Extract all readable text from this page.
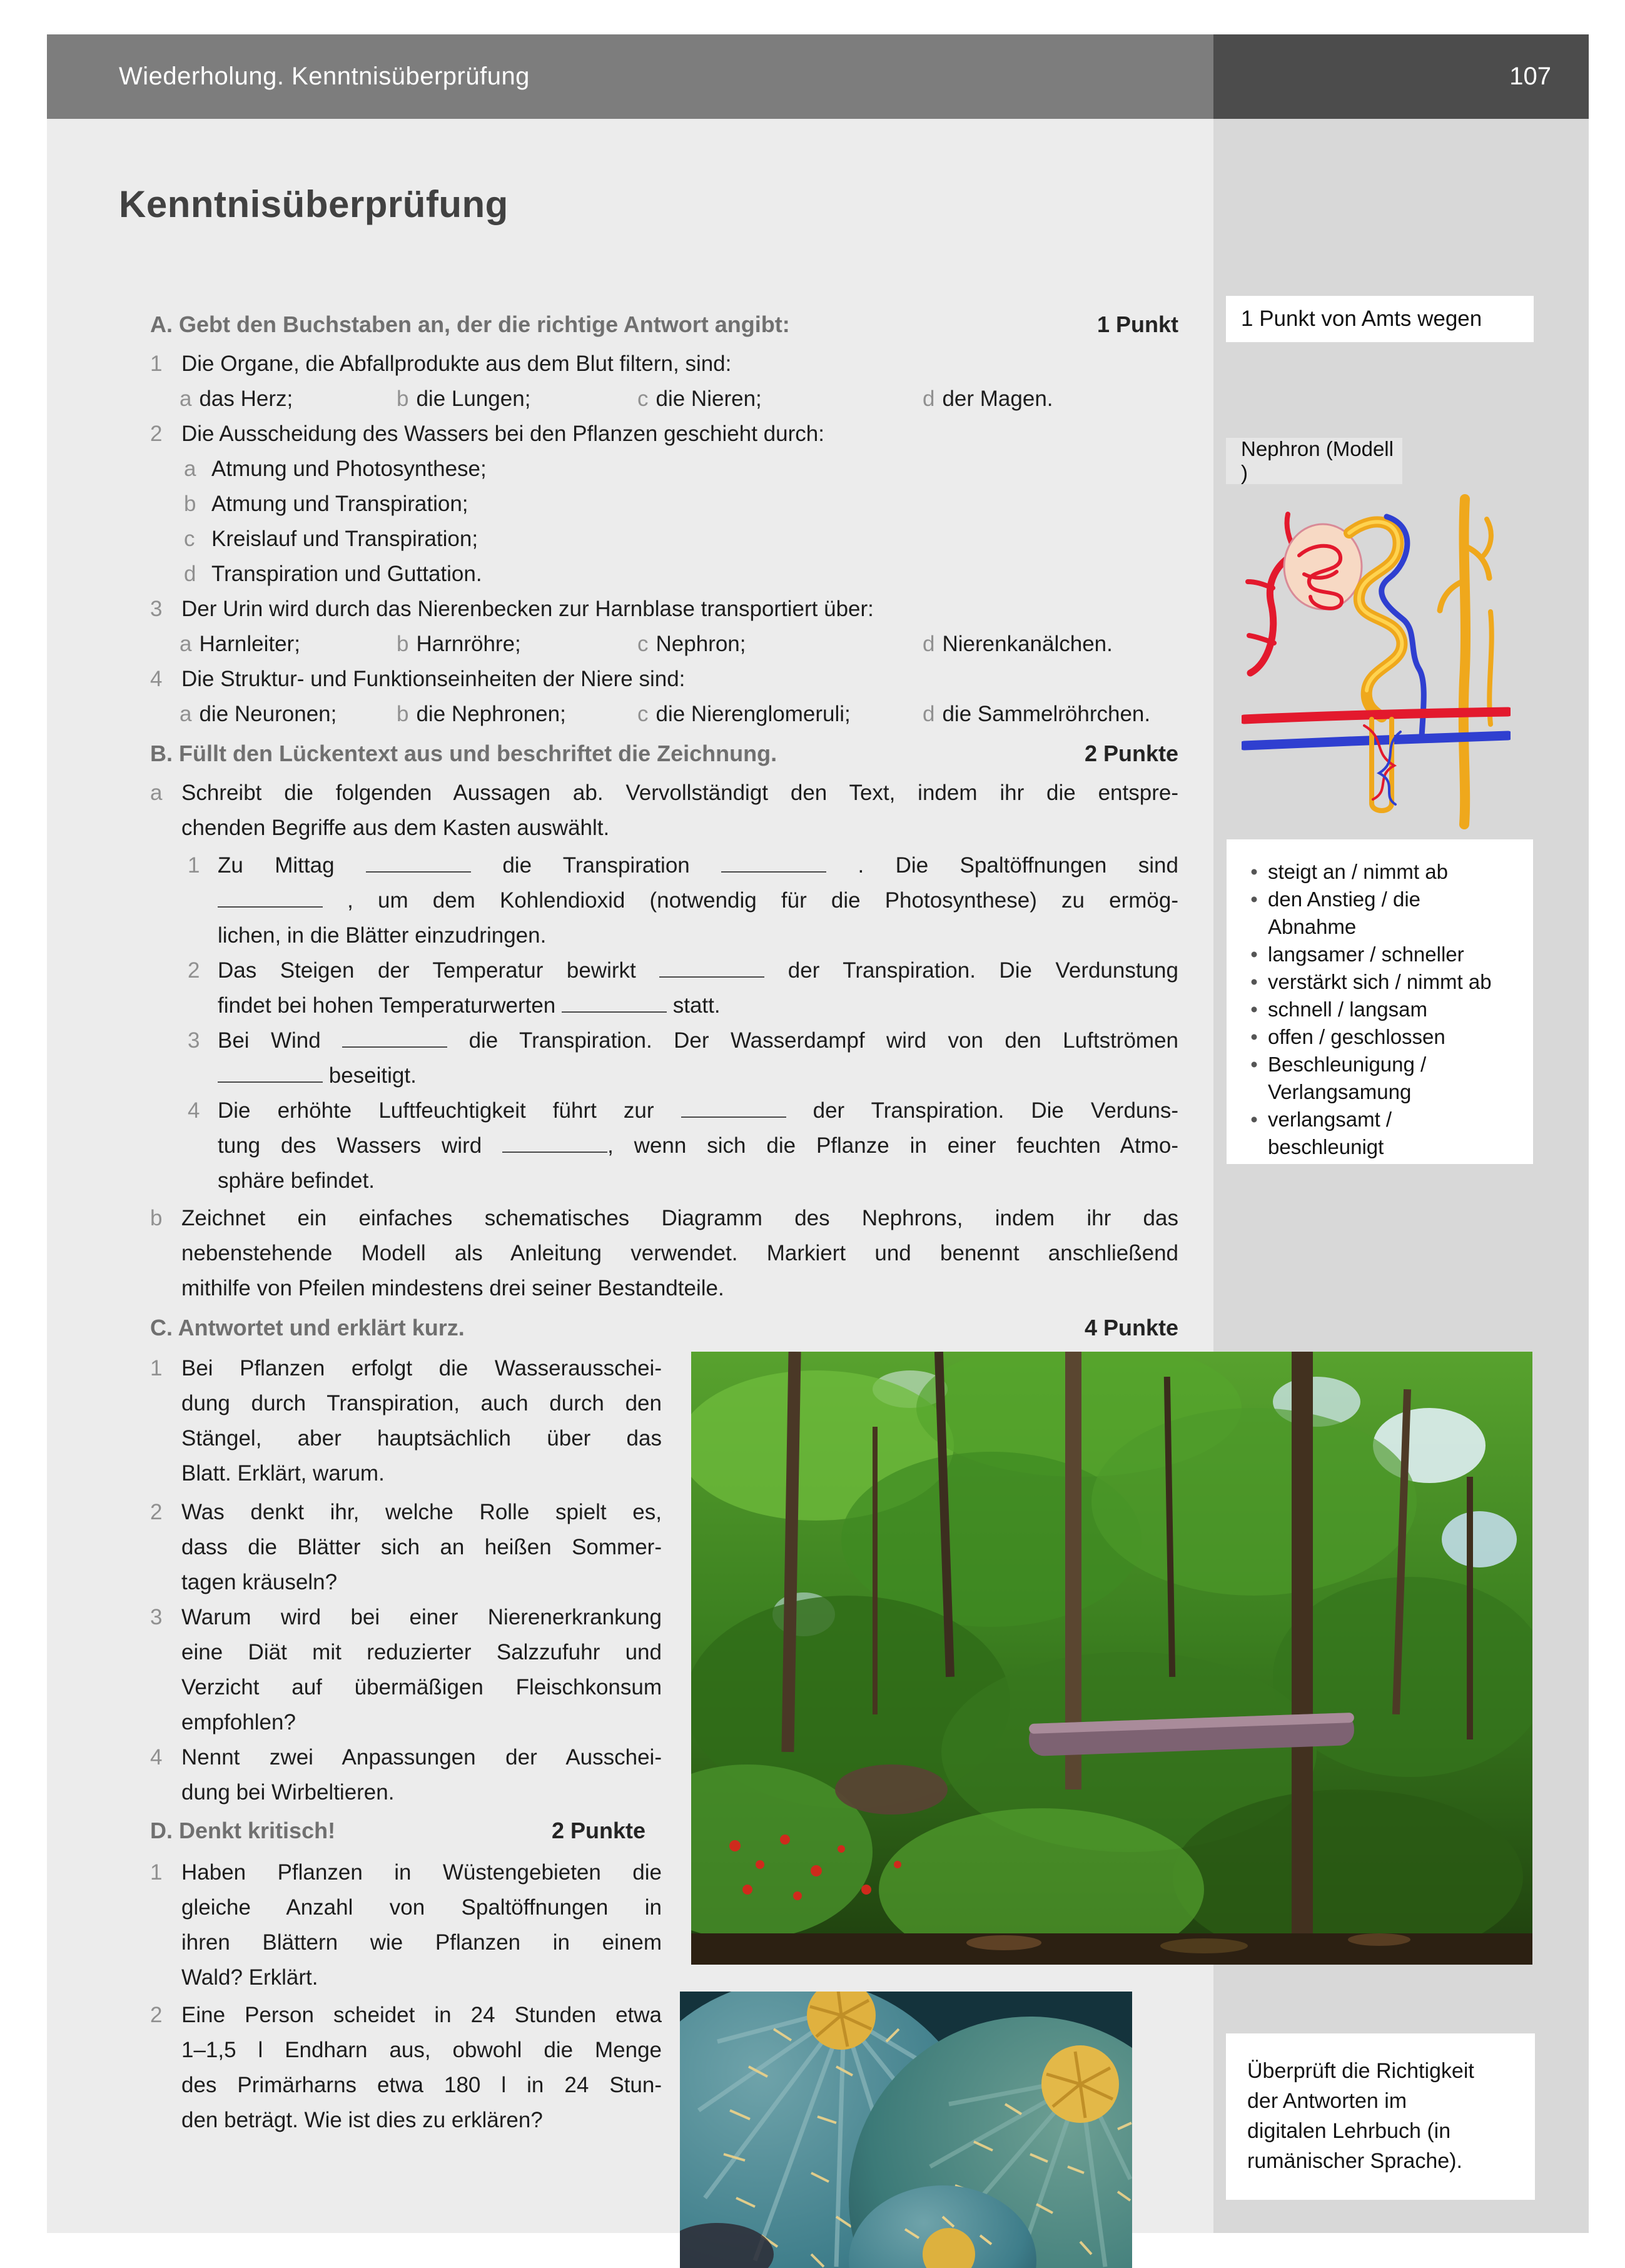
Wiederholung. Kenntnisüberprüfung	107
Kenntnisüberprüfung
A. Gebt den Buchstaben an, der die richtige Antwort angibt:	1 Punkt
B. Füllt den Lückentext aus und beschriftet die Zeichnung.	2 Punkte
C. Antwortet und erklärt kurz.	4 Punkte
D. Denkt kritisch!	2 Punkte
1 Die Organe, die Abfallprodukte aus dem Blut filtern, sind:
a das Herz;	b die Lungen;	c die Nieren;	d der Magen.
2 Die Ausscheidung des Wassers bei den Pflanzen geschieht durch:
a Atmung und Photosynthese;
b Atmung und Transpiration;
c Kreislauf und Transpiration;
d Transpiration und Guttation.
3 Der Urin wird durch das Nierenbecken zur Harnblase transportiert über:
a Harnleiter;	b Harnröhre;	c Nephron;	d Nierenkanälchen.
4 Die Struktur- und Funktionseinheiten der Niere sind:
a die Neuronen;	b die Nephronen;	c die Nierenglomeruli;	d die Sammelröhrchen.
a Schreibt die folgenden Aussagen ab. Vervollständigt den Text, indem ihr die entspre-
chenden Begriffe aus dem Kasten auswählt.
1 Zu Mittag	die Transpiration	. Die Spaltöffnungen sind
, um dem Kohlendioxid (notwendig für die Photosynthese) zu ermög-
lichen, in die Blätter einzudringen.
2 Das Steigen der Temperatur bewirkt	der Transpiration. Die Verdunstung
findet bei hohen Temperaturwerten	statt.
3 Bei Wind	die Transpiration. Der Wasserdampf wird von den Luftströmen
beseitigt.
4 Die erhöhte Luftfeuchtigkeit führt zur	der Transpiration. Die Verduns-
tung des Wassers wird	, wenn sich die Pflanze in einer feuchten Atmo-
sphäre befindet.
b Zeichnet ein einfaches schematisches Diagramm des Nephrons, indem ihr das
nebenstehende Modell als Anleitung verwendet. Markiert und benennt anschließend
mithilfe von Pfeilen mindestens drei seiner Bestandteile.
1 Bei Pflanzen erfolgt die Wasserausschei-
dung durch Transpiration, auch durch den
Stängel, aber hauptsächlich über das
Blatt. Erklärt, warum.
2 Was denkt ihr, welche Rolle spielt es,
dass die Blätter sich an heißen Sommer-
tagen kräuseln?
3 Warum wird bei einer Nierenerkrankung
eine Diät mit reduzierter Salzzufuhr und
Verzicht auf übermäßigen Fleischkonsum
empfohlen?
4 Nennt zwei Anpassungen der Ausschei-
dung bei Wirbeltieren.
1 Haben Pflanzen in Wüstengebieten die
gleiche Anzahl von Spaltöffnungen in
ihren Blättern wie Pflanzen in einem
Wald? Erklärt.
2 Eine Person scheidet in 24 Stunden etwa
1–1,5 l Endharn aus, obwohl die Menge
des Primärharns etwa 180 l in 24 Stun-
den beträgt. Wie ist dies zu erklären?
1 Punkt von Amts wegen
Nephron (Modell )
• steigt an / nimmt ab
• den Anstieg / die
Abnahme
• langsamer / schneller
• verstärkt sich / nimmt ab
• schnell / langsam
• offen / geschlossen
• Beschleunigung /
Verlangsamung
• verlangsamt /
beschleunigt
Überprüft die Richtigkeit
der Antworten im
digitalen Lehrbuch (in
rumänischer Sprache).
